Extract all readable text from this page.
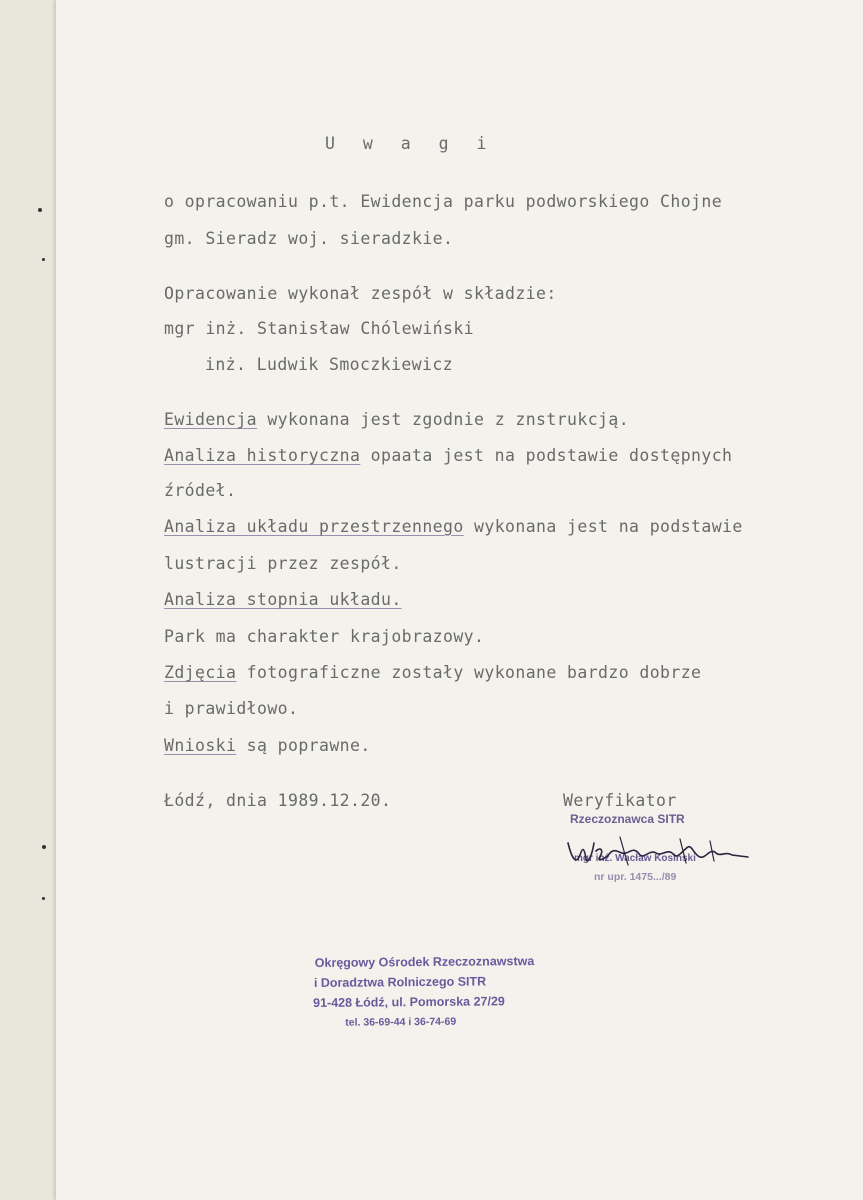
U w a g i
o opracowaniu p.t. Ewidencja parku podworskiego Chojne
gm. Sieradz woj. sieradzkie.
Opracowanie wykonał zespół w składzie:
mgr inż. Stanisław Chólewiński
inż. Ludwik Smoczkiewicz
Ewidencja wykonana jest zgodnie z znstrukcją.
Analiza historyczna opaata jest na podstawie dostępnych
źródeł.
Analiza układu przestrzennego wykonana jest na podstawie
lustracji przez zespół.
Analiza stopnia układu.
Park ma charakter krajobrazowy.
Zdjęcia fotograficzne zostały wykonane bardzo dobrze
i prawidłowo.
Wnioski są poprawne.
Łódź, dnia 1989.12.20.	Weryfikator
Rzeczoznawca SITR
mgr inż. Wacław Kosiński
nr upr. 1475.../89
Okręgowy Ośrodek Rzeczoznawstwa
i Doradztwa Rolniczego SITR
91-428 Łódź, ul. Pomorska 27/29
tel. 36-69-44 i 36-74-69
